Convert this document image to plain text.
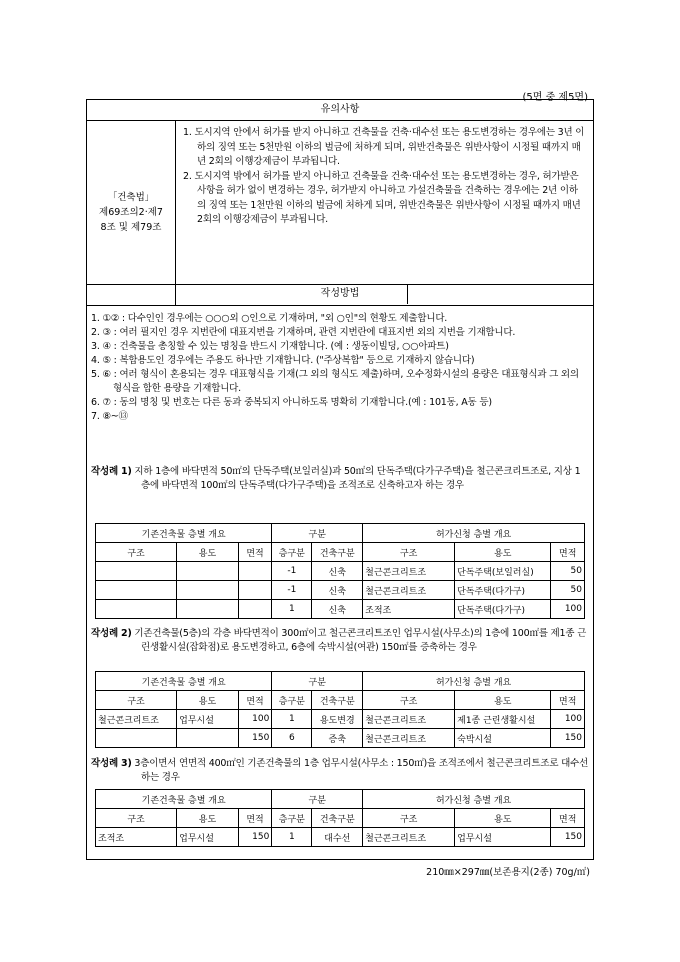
(5면 중 제5면)
유의사항
「건축법」
제69조의2·제7
8조 및 제79조

1. 도시지역 안에서 허가를 받지 아니하고 건축물을 건축·대수선 또는 용도변경하는 경우에는 3년 이하의 징역 또는 5천만원 이하의 벌금에 처하게 되며, 위반건축물은 위반사항이 시정될 때까지 매년 2회의 이행강제금이 부과됩니다.

2. 도시지역 밖에서 허가를 받지 아니하고 건축물을 건축·대수선 또는 용도변경하는 경우, 허가받은 사항을 허가 없이 변경하는 경우, 허가받지 아니하고 가설건축물을 건축하는 경우에는 2년 이하의 징역 또는 1천만원 이하의 벌금에 처하게 되며, 위반건축물은 위반사항이 시정될 때까지 매년 2회의 이행강제금이 부과됩니다.

작성방법

1. ①② : 다수인인 경우에는 ○○○외 ○인으로 기재하며, "외 ○인"의 현황도 제출합니다.

2. ③ : 여러 필지인 경우 지번란에 대표지번을 기재하며, 관련 지번란에 대표지번 외의 지번을 기재합니다.

3. ④ : 건축물을 총칭할 수 있는 명칭을 반드시 기재합니다. (예 : 생동이빌딩, ○○아파트)

4. ⑤ : 복합용도인 경우에는 주용도 하나만 기재합니다. ("주상복합" 등으로 기재하지 않습니다)

5. ⑥ : 여러 형식이 혼용되는 경우 대표형식을 기재(그 외의 형식도 제출)하며, 오수정화시설의 용량은 대표형식과 그 외의 형식을 합한 용량을 기재합니다.

6. ⑦ : 동의 명칭 및 번호는 다른 동과 중복되지 아니하도록 명확히 기재합니다.(예 : 101동, A동 등)

7. ⑧~⑬

작성례 1) 지하 1층에 바닥면적 50㎡의 단독주택(보일러실)과 50㎡의 단독주택(다가구주택)을 철근콘크리트조로, 지상 1층에 바닥면적 100㎡의 단독주택(다가구주택)을 조적조로 신축하고자 하는 경우

기존건축물 층별 개요			구분		허가신청 층별 개요		
구조	용도	면적	층구분	건축구분	구조	용도	면적
			-1	신축	철근콘크리트조	단독주택(보일러실)	50
			-1	신축	철근콘크리트조	단독주택(다가구)	50
			1	신축	조적조	단독주택(다가구)	100

작성례 2) 기존건축물(5층)의 각층 바닥면적이 300㎡이고 철근콘크리트조인 업무시설(사무소)의 1층에 100㎡를 제1종 근린생활시설(잡화점)로 용도변경하고, 6층에 숙박시설(여관) 150㎡를 증축하는 경우

기존건축물 층별 개요			구분		허가신청 층별 개요		
구조	용도	면적	층구분	건축구분	구조	용도	면적
철근콘크리트조	업무시설	100	1	용도변경	철근콘크리트조	제1종 근린생활시설	100
		150	6	증축	철근콘크리트조	숙박시설	150

작성례 3) 3층이면서 연면적 400㎡인 기존건축물의 1층 업무시설(사무소 : 150㎡)을 조적조에서 철근콘크리트조로 대수선하는 경우

기존건축물 층별 개요			구분		허가신청 층별 개요		
구조	용도	면적	층구분	건축구분	구조	용도	면적
조적조	업무시설	150	1	대수선	철근콘크리트조	업무시설	150
210㎜×297㎜(보존용지(2종) 70g/㎡)
